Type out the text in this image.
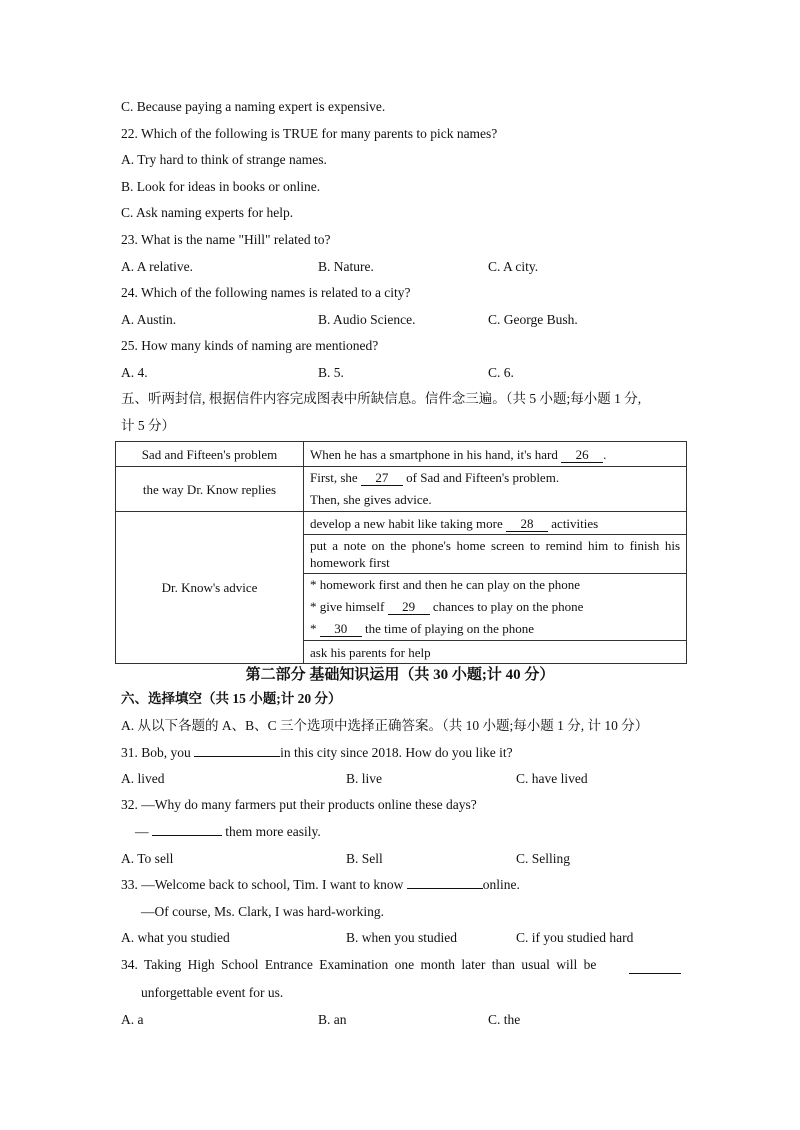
C. Because paying a naming expert is expensive.
22. Which of the following is TRUE for many parents to pick names?
A. Try hard to think of strange names.
B. Look for ideas in books or online.
C. Ask naming experts for help.
23. What is the name "Hill" related to?
A. A relative.	B. Nature.	C. A city.
24. Which of the following names is related to a city?
A. Austin.	B. Audio Science.	C. George Bush.
25. How many kinds of naming are mentioned?
A. 4.	B. 5.	C. 6.
五、听两封信, 根据信件内容完成图表中所缺信息。信件念三遍。（共 5 小题;每小题 1 分,
计 5 分）
Sad and Fifteen's problem	When he has a smartphone in his hand, it's hard 26 .
the way Dr. Know replies	First, she 27 of Sad and Fifteen's problem.
Then, she gives advice.

Dr. Know's advice	develop a new habit like taking more 28 activities
	put a note on the phone's home screen to remind him to finish his homework first

	* homework first and then he can play on the phone
* give himself 29 chances to play on the phone
* 30 the time of playing on the phone

	ask his parents for help
第二部分 基础知识运用（共 30 小题;计 40 分）
六、选择填空（共 15 小题;计 20 分）
A. 从以下各题的 A、B、C 三个选项中选择正确答案。（共 10 小题;每小题 1 分, 计 10 分）
31. Bob, you	in this city since 2018. How do you like it?
A. lived	B. live	C. have lived
32. —Why do many farmers put their products online these days?
—	them more easily.
A. To sell	B. Sell	C. Selling
33. —Welcome back to school, Tim. I want to know	online.
—Of course, Ms. Clark, I was hard-working.
A. what you studied	B. when you studied	C. if you studied hard
34. Taking High School Entrance Examination one month later than usual will be
unforgettable event for us.
A. a	B. an	C. the
